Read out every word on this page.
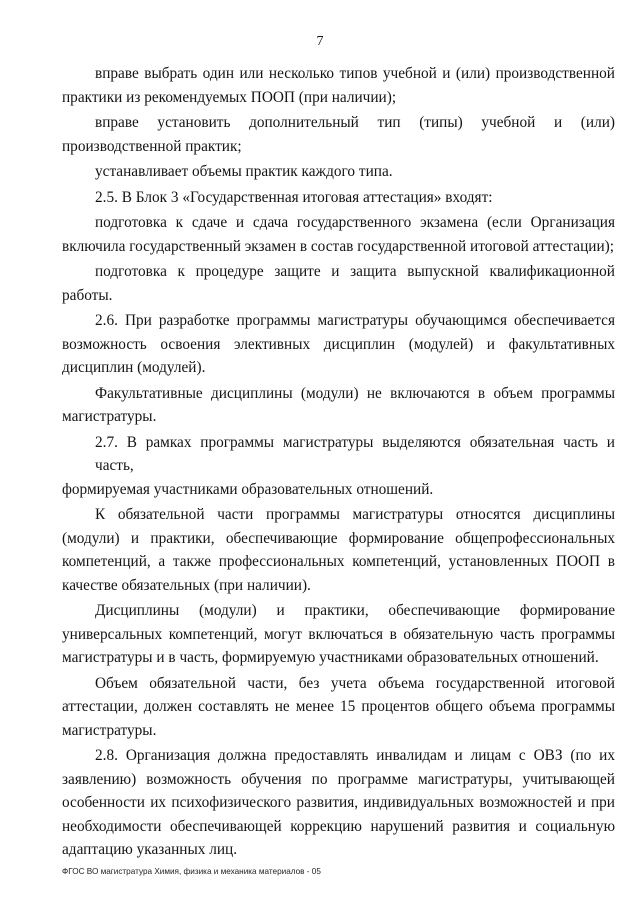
7
вправе выбрать один или несколько типов учебной и (или) производственной
практики из рекомендуемых ПООП (при наличии);
вправе установить дополнительный тип (типы) учебной и (или)
производственной практик;
устанавливает объемы практик каждого типа.
2.5. В Блок 3 «Государственная итоговая аттестация» входят:
подготовка к сдаче и сдача государственного экзамена (если Организация
включила государственный экзамен в состав государственной итоговой аттестации);
подготовка к процедуре защите и защита выпускной квалификационной
работы.
2.6. При разработке программы магистратуры обучающимся обеспечивается
возможность освоения элективных дисциплин (модулей) и факультативных
дисциплин (модулей).
Факультативные дисциплины (модули) не включаются в объем программы
магистратуры.
2.7. В рамках программы магистратуры выделяются обязательная часть и часть,
формируемая участниками образовательных отношений.
К обязательной части программы магистратуры относятся дисциплины
(модули) и практики, обеспечивающие формирование общепрофессиональных
компетенций, а также профессиональных компетенций, установленных ПООП в
качестве обязательных (при наличии).
Дисциплины (модули) и практики, обеспечивающие формирование
универсальных компетенций, могут включаться в обязательную часть программы
магистратуры и в часть, формируемую участниками образовательных отношений.
Объем обязательной части, без учета объема государственной итоговой
аттестации, должен составлять не менее 15 процентов общего объема программы
магистратуры.
2.8. Организация должна предоставлять инвалидам и лицам с ОВЗ (по их
заявлению) возможность обучения по программе магистратуры, учитывающей
особенности их психофизического развития, индивидуальных возможностей и при
необходимости обеспечивающей коррекцию нарушений развития и социальную
адаптацию указанных лиц.
ФГОС ВО магистратура Химия, физика и механика материалов - 05
